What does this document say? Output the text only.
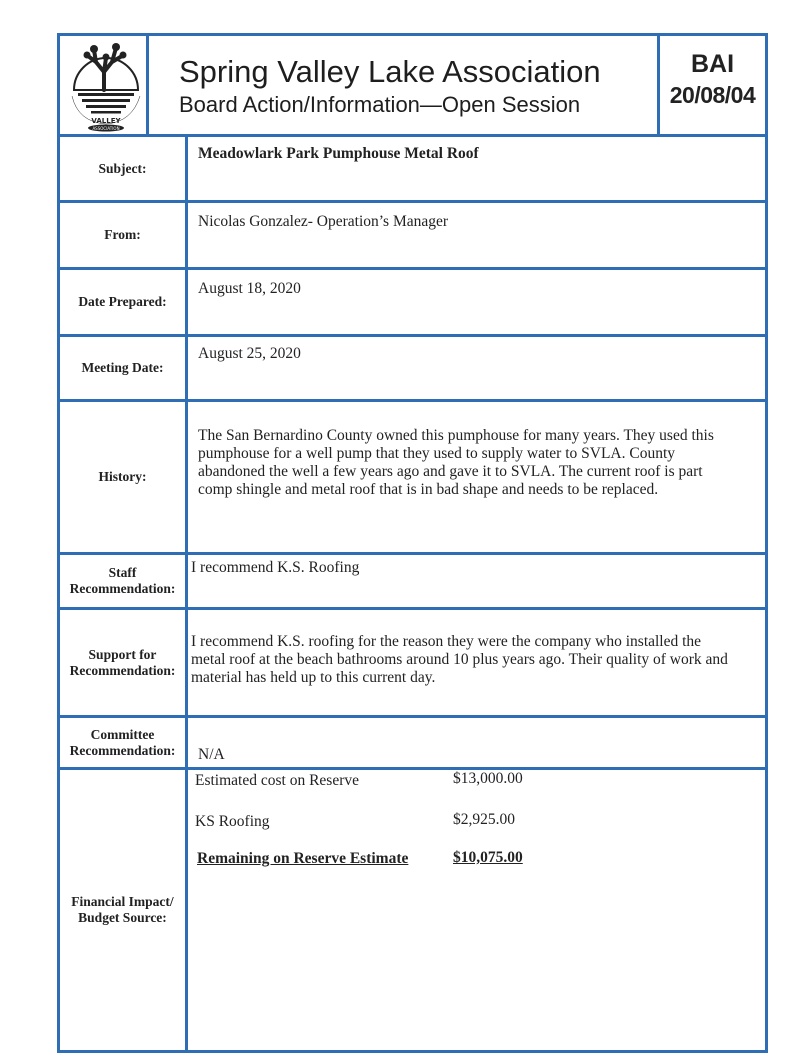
VALLEY
ASSOCIATION
Spring Valley Lake Association
Board Action/Information—Open Session
BAI
20/08/04
Subject:
Meadowlark Park Pumphouse Metal Roof
From:
Nicolas Gonzalez- Operation’s Manager
Date Prepared:
August 18, 2020
Meeting Date:
August 25, 2020
History:
The San Bernardino County owned this pumphouse for many years. They used this
pumphouse for a well pump that they used to supply water to SVLA. County
abandoned the well a few years ago and gave it to SVLA. The current roof is part
comp shingle and metal roof that is in bad shape and needs to be replaced.
Staff
Recommendation:
I recommend K.S. Roofing
Support for
Recommendation:
I recommend K.S. roofing for the reason they were the company who installed the
metal roof at the beach bathrooms around 10 plus years ago. Their quality of work and
material has held up to this current day.
Committee
Recommendation: N/A
Financial Impact/
Budget Source:
Estimated cost on Reserve	$13,000.00
KS Roofing	$2,925.00
Remaining on Reserve Estimate	$10,075.00
